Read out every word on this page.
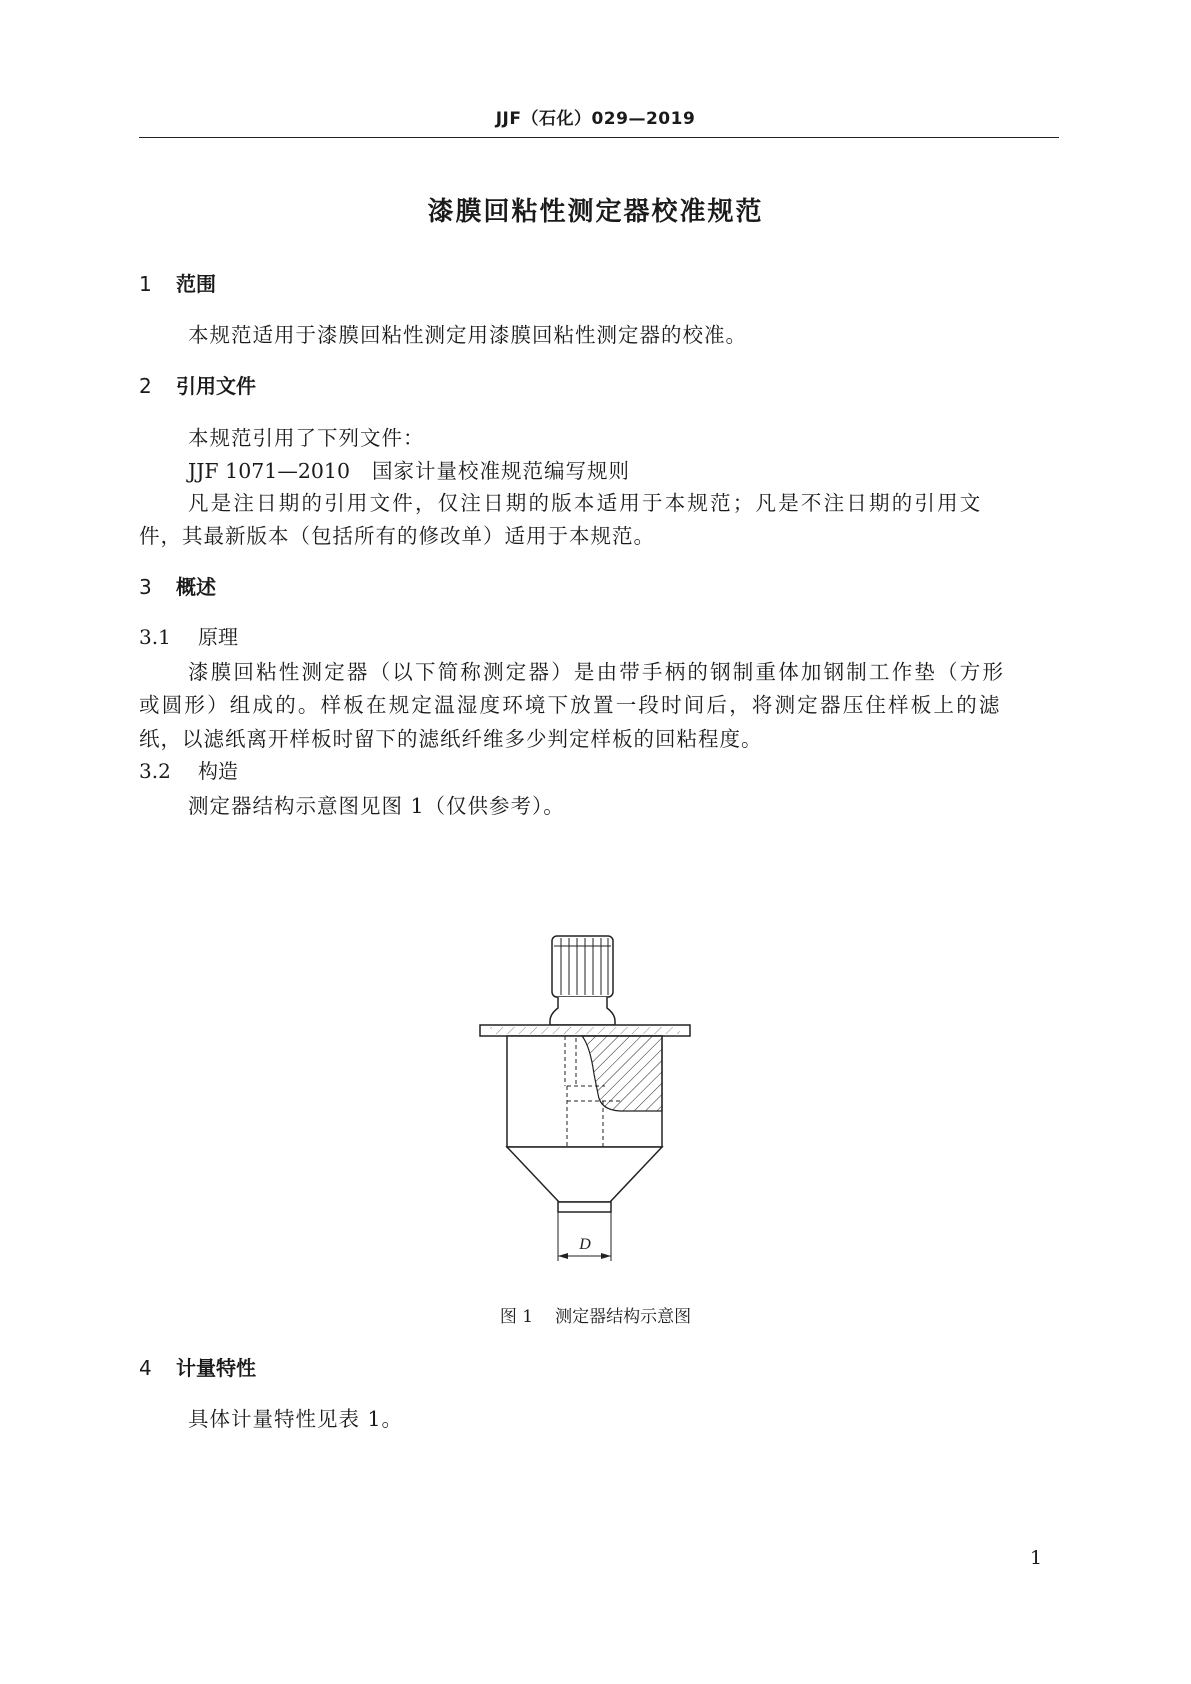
JJF（石化）029—2019
漆膜回粘性测定器校准规范
1 范围
本规范适用于漆膜回粘性测定用漆膜回粘性测定器的校准。
2 引用文件
本规范引用了下列文件：
JJF 1071—2010 国家计量校准规范编写规则
凡是注日期的引用文件，仅注日期的版本适用于本规范；凡是不注日期的引用文
件，其最新版本（包括所有的修改单）适用于本规范。
3 概述
3.1 原理
漆膜回粘性测定器（以下简称测定器）是由带手柄的钢制重体加钢制工作垫（方形
或圆形）组成的。样板在规定温湿度环境下放置一段时间后，将测定器压住样板上的滤
纸，以滤纸离开样板时留下的滤纸纤维多少判定样板的回粘程度。
3.2 构造
测定器结构示意图见图 1（仅供参考）。
D
图 1 测定器结构示意图
4 计量特性
具体计量特性见表 1。
1
